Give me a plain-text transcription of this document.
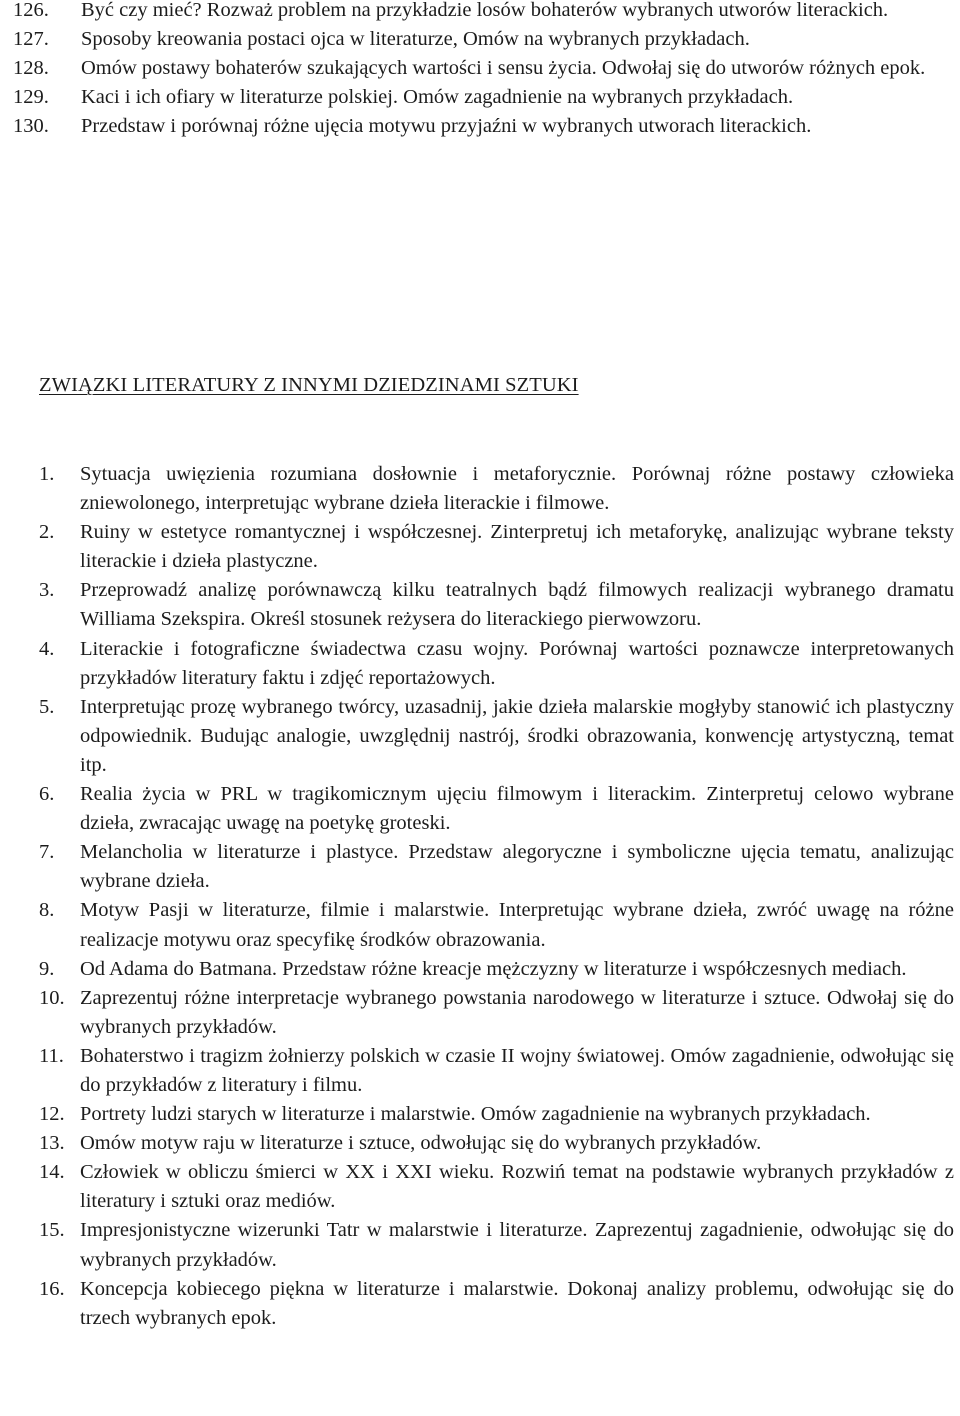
126. Być czy mieć? Rozważ problem na przykładzie losów bohaterów wybranych utworów literackich.
127. Sposoby kreowania postaci ojca w literaturze, Omów na wybranych przykładach.
128. Omów postawy bohaterów szukających wartości i sensu życia. Odwołaj się do utworów różnych epok.
129. Kaci i ich ofiary w literaturze polskiej. Omów zagadnienie na wybranych przykładach.
130. Przedstaw i porównaj różne ujęcia motywu przyjaźni w wybranych utworach literackich.
ZWIĄZKI LITERATURY Z INNYMI DZIEDZINAMI SZTUKI
1. Sytuacja uwięzienia rozumiana dosłownie i metaforycznie. Porównaj różne postawy człowieka zniewolonego, interpretując wybrane dzieła literackie i filmowe.
2. Ruiny w estetyce romantycznej i współczesnej. Zinterpretuj ich metaforykę, analizując wybrane teksty literackie i dzieła plastyczne.
3. Przeprowadź analizę porównawczą kilku teatralnych bądź filmowych realizacji wybranego dramatu Williama Szekspira. Określ stosunek reżysera do literackiego pierwowzoru.
4. Literackie i fotograficzne świadectwa czasu wojny. Porównaj wartości poznawcze interpretowanych przykładów literatury faktu i zdjęć reportażowych.
5. Interpretując prozę wybranego twórcy, uzasadnij, jakie dzieła malarskie mogłyby stanowić ich plastyczny odpowiednik. Budując analogie, uwzględnij nastrój, środki obrazowania, konwencję artystyczną, temat itp.
6. Realia życia w PRL w tragikomicznym ujęciu filmowym i literackim. Zinterpretuj celowo wybrane dzieła, zwracając uwagę na poetykę groteski.
7. Melancholia w literaturze i plastyce. Przedstaw alegoryczne i symboliczne ujęcia tematu, analizując wybrane dzieła.
8. Motyw Pasji w literaturze, filmie i malarstwie. Interpretując wybrane dzieła, zwróć uwagę na różne realizacje motywu oraz specyfikę środków obrazowania.
9. Od Adama do Batmana. Przedstaw różne kreacje mężczyzny w literaturze i współczesnych mediach.
10. Zaprezentuj różne interpretacje wybranego powstania narodowego w literaturze i sztuce. Odwołaj się do wybranych przykładów.
11. Bohaterstwo i tragizm żołnierzy polskich w czasie II wojny światowej. Omów zagadnienie, odwołując się do przykładów z literatury i filmu.
12. Portrety ludzi starych w literaturze i malarstwie. Omów zagadnienie na wybranych przykładach.
13. Omów motyw raju w literaturze i sztuce, odwołując się do wybranych przykładów.
14. Człowiek w obliczu śmierci w XX i XXI wieku. Rozwiń temat na podstawie wybranych przykładów z literatury i sztuki oraz mediów.
15. Impresjonistyczne wizerunki Tatr w malarstwie i literaturze. Zaprezentuj zagadnienie, odwołując się do wybranych przykładów.
16. Koncepcja kobiecego piękna w literaturze i malarstwie. Dokonaj analizy problemu, odwołując się do trzech wybranych epok.
